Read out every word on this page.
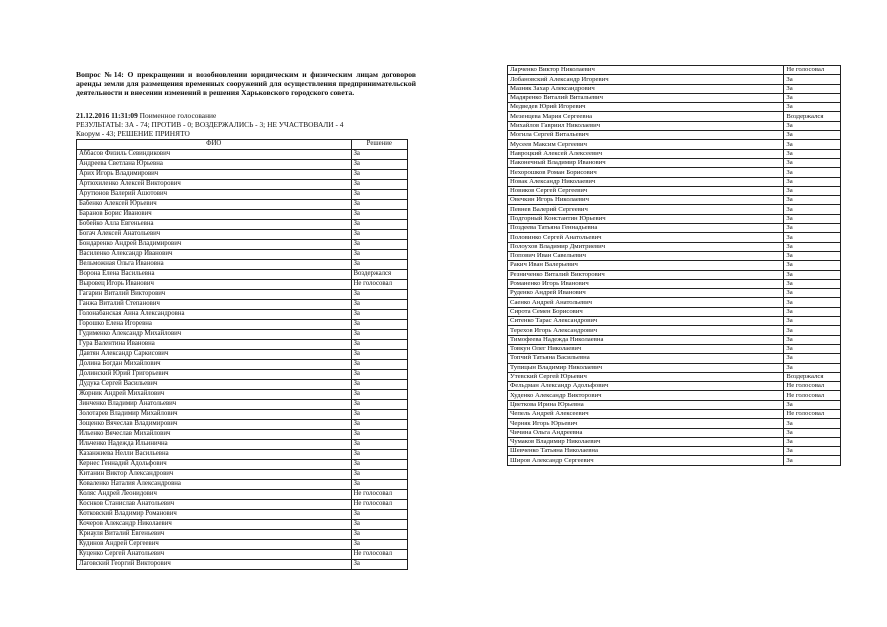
Вопрос №14: О прекращении и возобновлении юридическим и физическим лицам договоров аренды земли для размещения временных сооружений для осуществления предпринимательской деятельности и внесении изменений в решения Харьковского городского совета.
21.12.2016 11:31:09 Поименное голосование
РЕЗУЛЬТАТЫ: ЗА - 74; ПРОТИВ - 0; ВОЗДЕРЖАЛИСЬ - 3; НЕ УЧАСТВОВАЛИ - 4
Кворум - 43; РЕШЕНИЕ ПРИНЯТО
ФИО	Решение
Аббасов Физиль Севиндикович	За
Андреева Светлана Юрьевна	За
Арих Игорь Владимирович	За
Артюхиленко Алексей Викторович	За
Арутюнов Валерий Ашотович	За
Бабенко Алексей Юрьевич	За
Баранов Борис Иванович	За
Бобейко Алла Евгеньевна	За
Богач Алексей Анатольевич	За
Бондаренко Андрей Владимирович	За
Василенко Александр Иванович	За
Вельможная Ольга Ивановна	За
Ворона Елена Васильевна	Воздержался
Выровец Игорь Иванович	Не голосовал
Гагарин Виталий Викторович	За
Ганжа Виталий Степанович	За
Голонабанская Анна Александровна	За
Горошко Елена Игоревна	За
Гудименко Александр Михайлович	За
Гура Валентина Ивановна	За
Давтян Александр Саркисович	За
Долина Богдан Михайлович	За
Долинский Юрий Григорьевич	За
Дудука Сергей Васильевич	За
Жорник Андрей Михайлович	За
Зинченко Владимир Анатольевич	За
Золотарев Владимир Михайлович	За
Зощенко Вячеслав Владимирович	За
Ильенко Вячеслав Михайлович	За
Ильченко Надежда Ильинична	За
Казанжиева Нелли Васильевна	За
Кернес Геннадий Адольфович	За
Китанин Виктор Александрович	За
Коваленко Наталия Александровна	За
Коляс Андрей Леонидович	Не голосовал
Коснков Станислав Анатольевич	Не голосовал
Котковский Владимир Романович	За
Кочеров Александр Николаевич	За
Криауля Виталий Евгеньевич	За
Кудинов Андрей Сергеевич	За
Куценко Сергей Анатольевич	Не голосовал
Лаговский Георгий Викторович	За
Ларченко Виктор Николаевич	Не голосовал
Лобановский Александр Игоревич	За
Мазняк Захар Александрович	За
Мадяренко Виталий Витальевич	За
Медведев Юрий Игоревич	За
Мезенцева Мария Сергеевна	Воздержался
Михайлов Гавриил Николаевич	За
Могила Сергей Витальевич	За
Мусеев Максим Сергеевич	За
Навроцкий Алексей Алексеевич	За
Наконечный Владимир Иванович	За
Нехорошков Роман Борисович	За
Новак Александр Николаевич	За
Новиков Сергей Сергеевич	За
Овечкин Игорь Николаевич	За
Певнев Валерий Сергеевич	За
Подгорный Константин Юрьевич	За
Поздеева Татьяна Геннадьевна	За
Половинко Сергей Анатольевич	За
Полоухов Владимир Дмитриевич	За
Попович Иван Савельевич	За
Ракич Иван Валерьевич	За
Резниченко Виталий Викторович	За
Романенко Игорь Иванович	За
Руденко Андрей Иванович	За
Саенко Андрей Анатольевич	За
Сирота Семен Борисович	За
Ситенко Тарас Александрович	За
Терехов Игорь Александрович	За
Тимофеева Надежда Николаевна	За
Товкун Олег Николаевич	За
Топчий Татьяна Васильевна	За
Тупицын Владимир Николаевич	За
Утевский Сергей Юрьевич	Воздержался
Фельдман Александр Адольфович	Не голосовал
Худенко Александр Викторович	Не голосовал
Цветкова Ирина Юрьевна	За
Чепель Андрей Алексеевич	Не голосовал
Черняк Игорь Юрьевич	За
Чичина Ольга Андреевна	За
Чумаков Владимир Николаевич	За
Шевченко Татьяна Николаевна	За
Шиpов Александр Сергеевич	За
